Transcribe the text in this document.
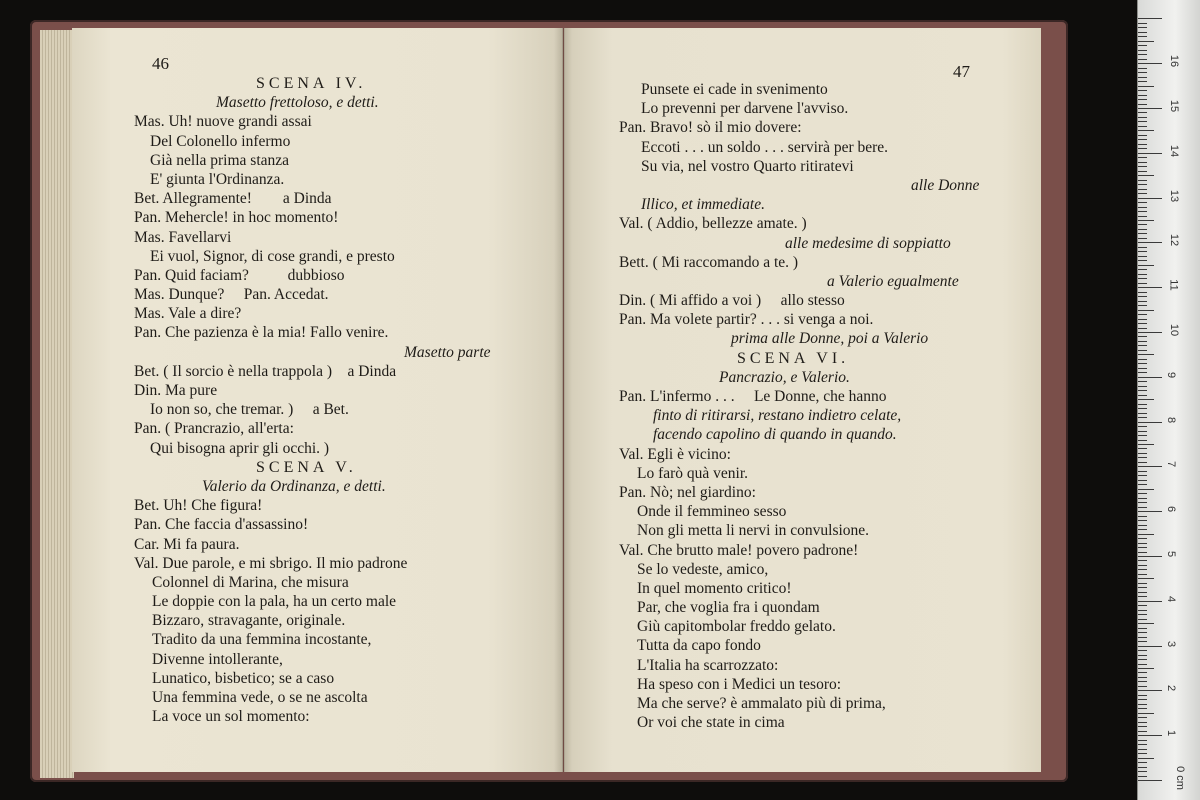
46
SCENA IV.
Masetto frettoloso, e detti.
Mas. Uh! nuove grandi assai
Del Colonello infermo
Già nella prima stanza
E' giunta l'Ordinanza.
Bet. Allegramente!        a Dinda
Pan. Mehercle! in hoc momento!
Mas. Favellarvi
Ei vuol, Signor, di cose grandi, e presto
Pan. Quid faciam?          dubbioso
Mas. Dunque?     Pan. Accedat.
Mas. Vale a dire?
Pan. Che pazienza è la mia! Fallo venire.
Masetto parte
Bet. ( Il sorcio è nella trappola )    a Dinda
Din. Ma pure
Io non so, che tremar. )     a Bet.
Pan. ( Prancrazio, all'erta:
Qui bisogna aprir gli occhi. )
SCENA V.
Valerio da Ordinanza, e detti.
Bet. Uh! Che figura!
Pan. Che faccia d'assassino!
Car. Mi fa paura.
Val. Due parole, e mi sbrigo. Il mio padrone
Colonnel di Marina, che misura
Le doppie con la pala, ha un certo male
Bizzaro, stravagante, originale.
Tradito da una femmina incostante,
Divenne intollerante,
Lunatico, bisbetico; se a caso
Una femmina vede, o se ne ascolta
La voce un sol momento:
47
Punsete ei cade in svenimento
Lo prevenni per darvene l'avviso.
Pan. Bravo! sò il mio dovere:
Eccoti . . . un soldo . . . servirà per bere.
Su via, nel vostro Quarto ritiratevi
alle Donne
Illico, et immediate.
Val. ( Addio, bellezze amate. )
alle medesime di soppiatto
Bett. ( Mi raccomando a te. )
a Valerio egualmente
Din. ( Mi affido a voi )     allo stesso
Pan. Ma volete partir? . . . si venga a noi.
prima alle Donne, poi a Valerio
SCENA VI.
Pancrazio, e Valerio.
Pan. L'infermo . . .     Le Donne, che hanno
finto di ritirarsi, restano indietro celate,
facendo capolino di quando in quando.
Val. Egli è vicino:
Lo farò quà venir.
Pan. Nò; nel giardino:
Onde il femmineo sesso
Non gli metta li nervi in convulsione.
Val. Che brutto male! povero padrone!
Se lo vedeste, amico,
In quel momento critico!
Par, che voglia fra i quondam
Giù capitombolar freddo gelato.
Tutta da capo fondo
L'Italia ha scarrozzato:
Ha speso con i Medici un tesoro:
Ma che serve? è ammalato più di prima,
Or voi che state in cima
0 cm
1
2
3
4
5
6
7
8
9
10
11
12
13
14
15
16
